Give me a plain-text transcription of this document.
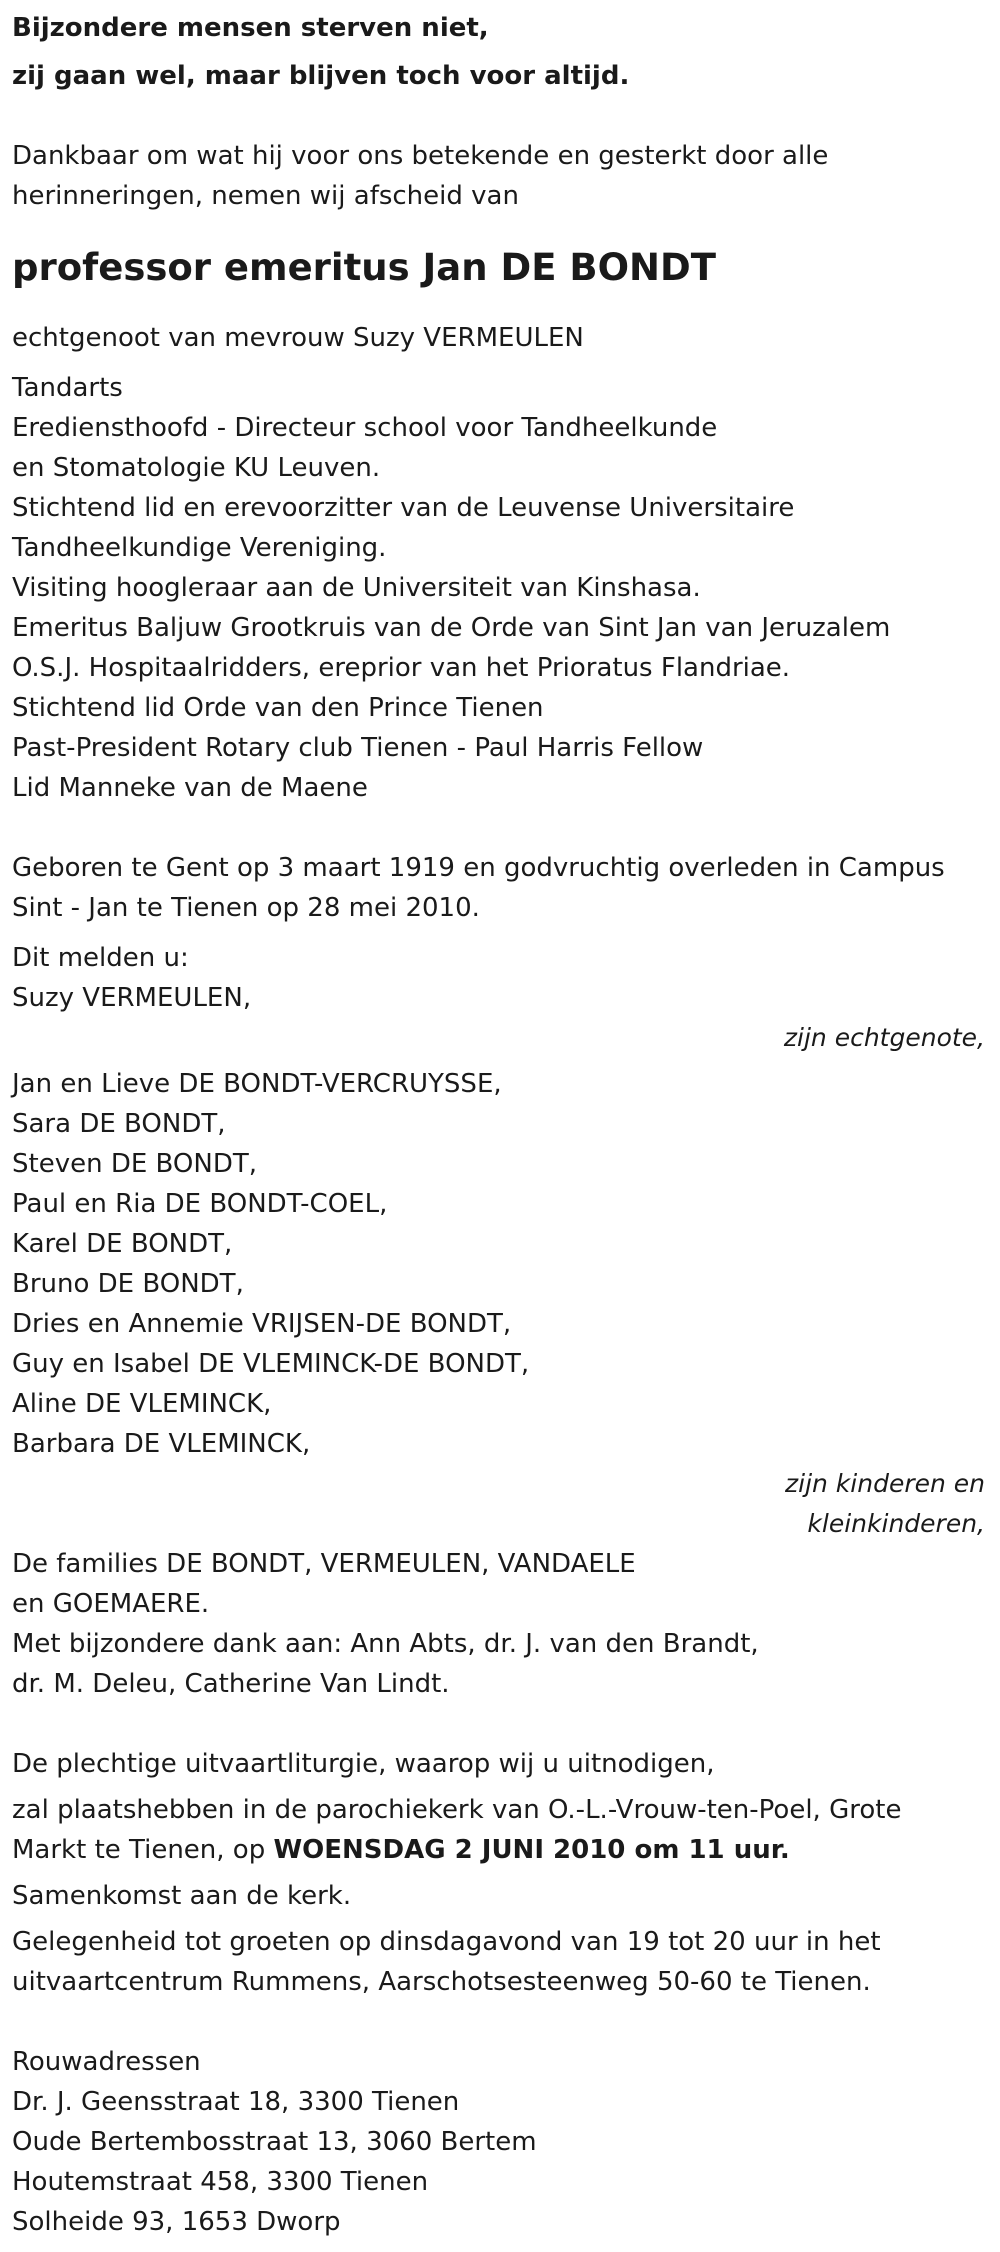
Bijzondere mensen sterven niet,
zij gaan wel, maar blijven toch voor altijd.
Dankbaar om wat hij voor ons betekende en gesterkt door alle
herinneringen, nemen wij afscheid van
professor emeritus Jan DE BONDT
echtgenoot van mevrouw Suzy VERMEULEN
Tandarts
Erediensthoofd - Directeur school voor Tandheelkunde
en Stomatologie KU Leuven.
Stichtend lid en erevoorzitter van de Leuvense Universitaire
Tandheelkundige Vereniging.
Visiting hoogleraar aan de Universiteit van Kinshasa.
Emeritus Baljuw Grootkruis van de Orde van Sint Jan van Jeruzalem
O.S.J. Hospitaalridders, ereprior van het Prioratus Flandriae.
Stichtend lid Orde van den Prince Tienen
Past-President Rotary club Tienen - Paul Harris Fellow
Lid Manneke van de Maene
Geboren te Gent op 3 maart 1919 en godvruchtig overleden in Campus
Sint - Jan te Tienen op 28 mei 2010.
Dit melden u:
Suzy VERMEULEN,
zijn echtgenote,
Jan en Lieve DE BONDT-VERCRUYSSE,
Sara DE BONDT,
Steven DE BONDT,
Paul en Ria DE BONDT-COEL,
Karel DE BONDT,
Bruno DE BONDT,
Dries en Annemie VRIJSEN-DE BONDT,
Guy en Isabel DE VLEMINCK-DE BONDT,
Aline DE VLEMINCK,
Barbara DE VLEMINCK,
zijn kinderen en
kleinkinderen,
De families DE BONDT, VERMEULEN, VANDAELE
en GOEMAERE.
Met bijzondere dank aan: Ann Abts, dr. J. van den Brandt,
dr. M. Deleu, Catherine Van Lindt.
De plechtige uitvaartliturgie, waarop wij u uitnodigen,
zal plaatshebben in de parochiekerk van O.-L.-Vrouw-ten-Poel, Grote
Markt te Tienen, op WOENSDAG 2 JUNI 2010 om 11 uur.
Samenkomst aan de kerk.
Gelegenheid tot groeten op dinsdagavond van 19 tot 20 uur in het
uitvaartcentrum Rummens, Aarschotsesteenweg 50-60 te Tienen.
Rouwadressen
Dr. J. Geensstraat 18, 3300 Tienen
Oude Bertembosstraat 13, 3060 Bertem
Houtemstraat 458, 3300 Tienen
Solheide 93, 1653 Dworp
